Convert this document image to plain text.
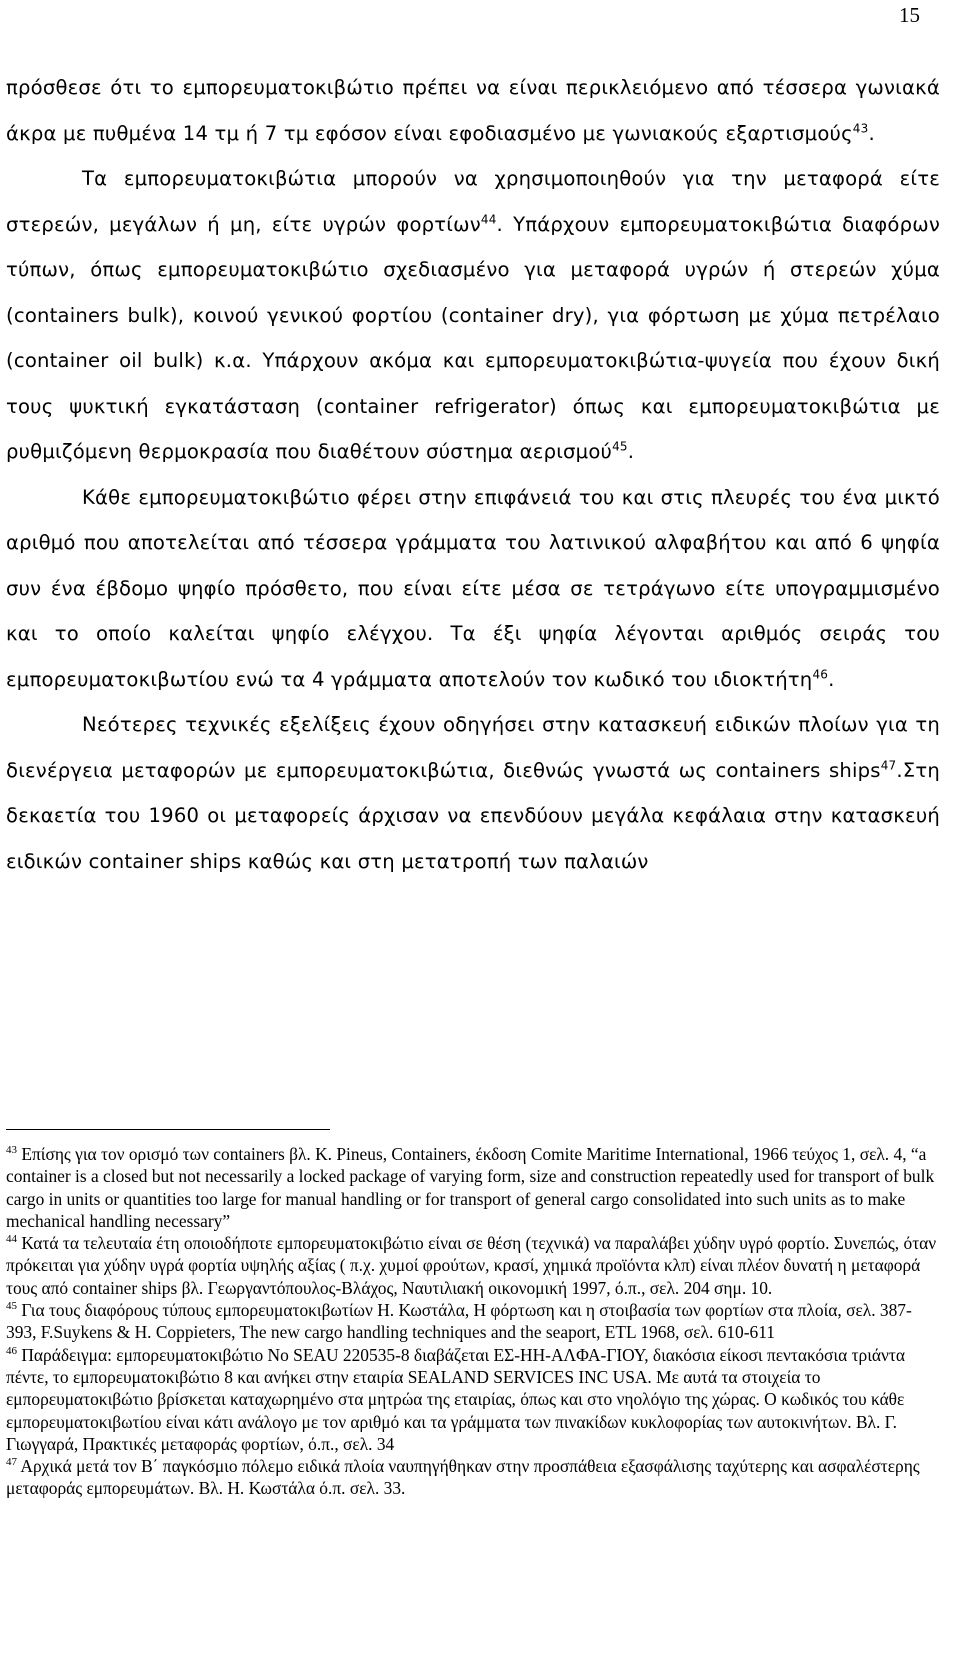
15

πρόσθεσε ότι το εμπορευματοκιβώτιο πρέπει να είναι περικλειόμενο από τέσσερα γωνιακά άκρα με πυθμένα 14 τμ ή 7 τμ εφόσον είναι εφοδιασμένο με γωνιακούς εξαρτισμούς$^{43}$.

Τα εμπορευματοκιβώτια μπορούν να χρησιμοποιηθούν για την μεταφορά είτε στερεών, μεγάλων ή μη, είτε υγρών φορτίων$^{44}$. Υπάρχουν εμπορευματοκιβώτια διαφόρων τύπων, όπως εμπορευματοκιβώτιο σχεδιασμένο για μεταφορά υγρών ή στερεών χύμα (containers bulk), κοινού γενικού φορτίου (container dry), για φόρτωση με χύμα πετρέλαιο (container oil bulk) κ.α. Υπάρχουν ακόμα και εμπορευματοκιβώτια-ψυγεία που έχουν δική τους ψυκτική εγκατάσταση (container refrigerator) όπως και εμπορευματοκιβώτια με ρυθμιζόμενη θερμοκρασία που διαθέτουν σύστημα αερισμού$^{45}$.

Κάθε εμπορευματοκιβώτιο φέρει στην επιφάνειά του και στις πλευρές του ένα μικτό αριθμό που αποτελείται από τέσσερα γράμματα του λατινικού αλφαβήτου και από 6 ψηφία συν ένα έβδομο ψηφίο πρόσθετο, που είναι είτε μέσα σε τετράγωνο είτε υπογραμμισμένο και το οποίο καλείται ψηφίο ελέγχου. Τα έξι ψηφία λέγονται αριθμός σειράς του εμπορευματοκιβωτίου ενώ τα 4 γράμματα αποτελούν τον κωδικό του ιδιοκτήτη$^{46}$.

Νεότερες τεχνικές εξελίξεις έχουν οδηγήσει στην κατασκευή ειδικών πλοίων για τη διενέργεια μεταφορών με εμπορευματοκιβώτια, διεθνώς γνωστά ως containers ships$^{47}$.Στη δεκαετία του 1960 οι μεταφορείς άρχισαν να επενδύουν μεγάλα κεφάλαια στην κατασκευή ειδικών container ships καθώς και στη μετατροπή των παλαιών

$^{43}$ Επίσης για τον ορισμό των containers βλ. K. Pineus, Containers, έκδοση Comite Maritime International, 1966 τεύχος 1, σελ. 4, “a container is a closed but not necessarily a locked package of varying form, size and construction repeatedly used for transport of bulk cargo in units or quantities too large for manual handling or for transport of general cargo consolidated into such units as to make mechanical handling necessary”

$^{44}$ Κατά τα τελευταία έτη οποιοδήποτε εμπορευματοκιβώτιο είναι σε θέση (τεχνικά) να παραλάβει χύδην υγρό φορτίο. Συνεπώς, όταν πρόκειται για χύδην υγρά φορτία υψηλής αξίας ( π.χ. χυμοί φρούτων, κρασί, χημικά προϊόντα κλπ) είναι πλέον δυνατή η μεταφορά τους από container ships βλ. Γεωργαντόπουλος-Βλάχος, Ναυτιλιακή οικονομική 1997, ό.π., σελ. 204 σημ. 10.

$^{45}$ Για τους διαφόρους τύπους εμπορευματοκιβωτίων Η. Κωστάλα, Η φόρτωση και η στοιβασία των φορτίων στα πλοία, σελ. 387-393, F.Suykens & H. Coppieters, The new cargo handling techniques and the seaport, ETL 1968, σελ. 610-611

$^{46}$ Παράδειγμα: εμπορευματοκιβώτιο No SEAU 220535-8 διαβάζεται ΕΣ-ΗΗ-ΑΛΦΑ-ΓΙΟΥ, διακόσια είκοσι πεντακόσια τριάντα πέντε, το εμπορευματοκιβώτιο 8 και ανήκει στην εταιρία SEALAND SERVICES INC USA. Με αυτά τα στοιχεία το εμπορευματοκιβώτιο βρίσκεται καταχωρημένο στα μητρώα της εταιρίας, όπως και στο νηολόγιο της χώρας. Ο κωδικός του κάθε εμπορευματοκιβωτίου είναι κάτι ανάλογο με τον αριθμό και τα γράμματα των πινακίδων κυκλοφορίας των αυτοκινήτων. Βλ. Γ. Γιωγγαρά, Πρακτικές μεταφοράς φορτίων, ό.π., σελ. 34

$^{47}$ Αρχικά μετά τον Β΄ παγκόσμιο πόλεμο ειδικά πλοία ναυπηγήθηκαν στην προσπάθεια εξασφάλισης ταχύτερης και ασφαλέστερης μεταφοράς εμπορευμάτων. Βλ. Η. Κωστάλα ό.π. σελ. 33.
